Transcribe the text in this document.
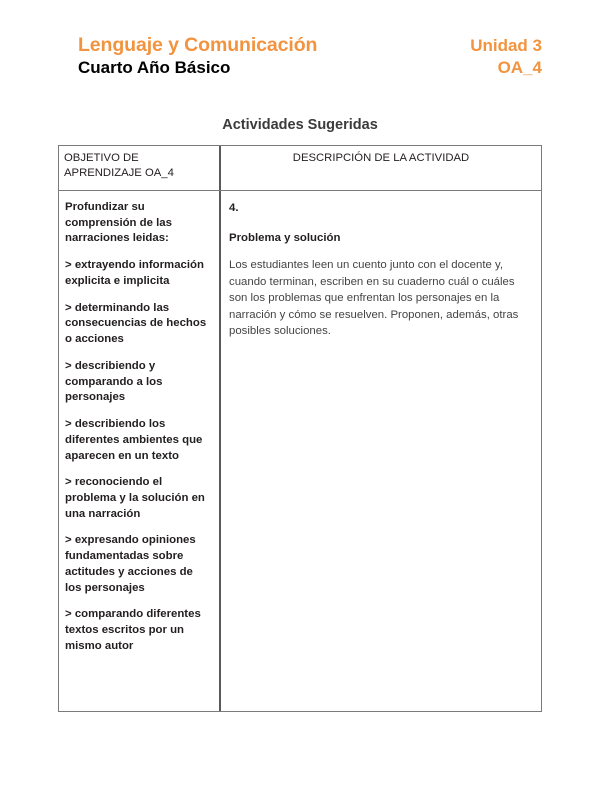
Lenguaje y Comunicación	Unidad 3
Cuarto Año Básico	OA_4
Actividades Sugeridas
OBJETIVO DE APRENDIZAJE OA_4
DESCRIPCIÓN DE LA ACTIVIDAD

Profundizar su comprensión de las narraciones leidas:

> extrayendo información explicita e implicita

> determinando las consecuencias de hechos o acciones

> describiendo y comparando a los personajes

> describiendo los diferentes ambientes que aparecen en un texto

> reconociendo el problema y la solución en una narración

> expresando opiniones fundamentadas sobre actitudes y acciones de los personajes

> comparando diferentes textos escritos por un mismo autor

4.

Problema y solución

Los estudiantes leen un cuento junto con el docente y, cuando terminan, escriben en su cuaderno cuál o cuáles son los problemas que enfrentan los personajes en la narración y cómo se resuelven. Proponen, además, otras posibles soluciones.
